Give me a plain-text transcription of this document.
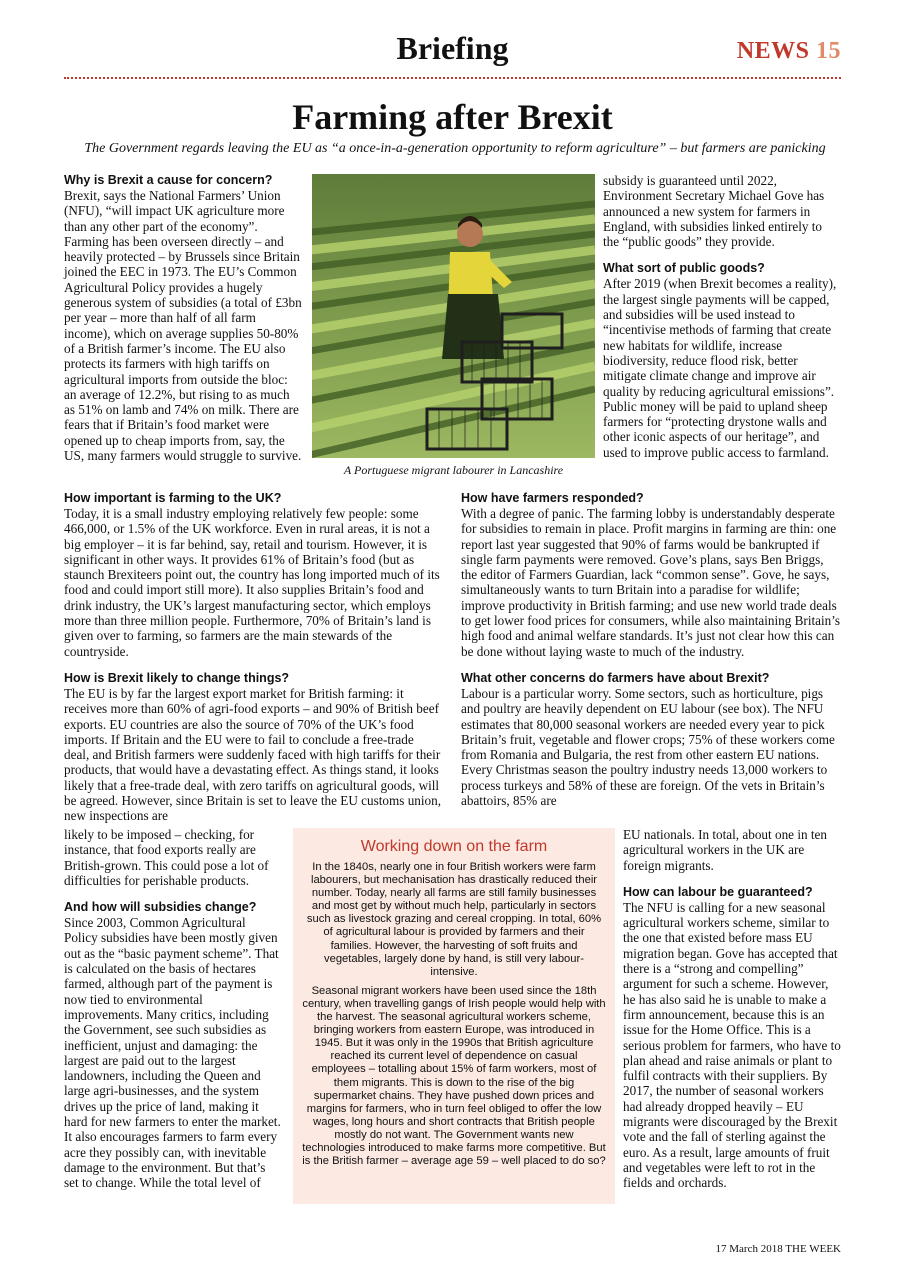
Briefing	NEWS 15
Farming after Brexit
The Government regards leaving the EU as “a once-in-a-generation opportunity to reform agriculture” – but farmers are panicking
Why is Brexit a cause for concern?

Brexit, says the National Farmers’ Union (NFU), “will impact UK agriculture more than any other part of the economy”. Farming has been overseen directly – and heavily protected – by Brussels since Britain joined the EEC in 1973. The EU’s Common Agricultural Policy provides a hugely generous system of subsidies (a total of £3bn per year – more than half of all farm income), which on average supplies 50-80% of a British farmer’s income. The EU also protects its farmers with high tariffs on agricultural imports from outside the bloc: an average of 12.2%, but rising to as much as 51% on lamb and 74% on milk. There are fears that if Britain’s food market were opened up to cheap imports from, say, the US, many farmers would struggle to survive.

A Portuguese migrant labourer in Lancashire

subsidy is guaranteed until 2022, Environment Secretary Michael Gove has announced a new system for farmers in England, with subsidies linked entirely to the “public goods” they provide.

What sort of public goods?

After 2019 (when Brexit becomes a reality), the largest single payments will be capped, and subsidies will be used instead to “incentivise methods of farming that create new habitats for wildlife, increase biodiversity, reduce flood risk, better mitigate climate change and improve air quality by reducing agricultural emissions”. Public money will be paid to upland sheep farmers for “protecting drystone walls and other iconic aspects of our heritage”, and used to improve public access to farmland.

How important is farming to the UK?

Today, it is a small industry employing relatively few people: some 466,000, or 1.5% of the UK workforce. Even in rural areas, it is not a big employer – it is far behind, say, retail and tourism. However, it is significant in other ways. It provides 61% of Britain’s food (but as staunch Brexiteers point out, the country has long imported much of its food and could import still more). It also supplies Britain’s food and drink industry, the UK’s largest manufacturing sector, which employs more than three million people. Furthermore, 70% of Britain’s land is given over to farming, so farmers are the main stewards of the countryside.

How is Brexit likely to change things?

The EU is by far the largest export market for British farming: it receives more than 60% of agri-food exports – and 90% of British beef exports. EU countries are also the source of 70% of the UK’s food imports. If Britain and the EU were to fail to conclude a free-trade deal, and British farmers were suddenly faced with high tariffs for their products, that would have a devastating effect. As things stand, it looks likely that a free-trade deal, with zero tariffs on agricultural goods, will be agreed. However, since Britain is set to leave the EU customs union, new inspections are

likely to be imposed – checking, for instance, that food exports really are British-grown. This could pose a lot of difficulties for perishable products.

And how will subsidies change?

Since 2003, Common Agricultural Policy subsidies have been mostly given out as the “basic payment scheme”. That is calculated on the basis of hectares farmed, although part of the payment is now tied to environmental improvements. Many critics, including the Government, see such subsidies as inefficient, unjust and damaging: the largest are paid out to the largest landowners, including the Queen and large agri-businesses, and the system drives up the price of land, making it hard for new farmers to enter the market. It also encourages farmers to farm every acre they possibly can, with inevitable damage to the environment. But that’s set to change. While the total level of

How have farmers responded?

With a degree of panic. The farming lobby is understandably desperate for subsidies to remain in place. Profit margins in farming are thin: one report last year suggested that 90% of farms would be bankrupted if single farm payments were removed. Gove’s plans, says Ben Briggs, the editor of Farmers Guardian, lack “common sense”. Gove, he says, simultaneously wants to turn Britain into a paradise for wildlife; improve productivity in British farming; and use new world trade deals to get lower food prices for consumers, while also maintaining Britain’s high food and animal welfare standards. It’s just not clear how this can be done without laying waste to much of the industry.

What other concerns do farmers have about Brexit?

Labour is a particular worry. Some sectors, such as horticulture, pigs and poultry are heavily dependent on EU labour (see box). The NFU estimates that 80,000 seasonal workers are needed every year to pick Britain’s fruit, vegetable and flower crops; 75% of these workers come from Romania and Bulgaria, the rest from other eastern EU nations. Every Christmas season the poultry industry needs 13,000 workers to process turkeys and 58% of these are foreign. Of the vets in Britain’s abattoirs, 85% are

EU nationals. In total, about one in ten agricultural workers in the UK are foreign migrants.

How can labour be guaranteed?

The NFU is calling for a new seasonal agricultural workers scheme, similar to the one that existed before mass EU migration began. Gove has accepted that there is a “strong and compelling” argument for such a scheme. However, he has also said he is unable to make a firm announcement, because this is an issue for the Home Office. This is a serious problem for farmers, who have to plan ahead and raise animals or plant to fulfil contracts with their suppliers. By 2017, the number of seasonal workers had already dropped heavily – EU migrants were discouraged by the Brexit vote and the fall of sterling against the euro. As a result, large amounts of fruit and vegetables were left to rot in the fields and orchards.

Working down on the farm

In the 1840s, nearly one in four British workers were farm labourers, but mechanisation has drastically reduced their number. Today, nearly all farms are still family businesses and most get by without much help, particularly in sectors such as livestock grazing and cereal cropping. In total, 60% of agricultural labour is provided by farmers and their families. However, the harvesting of soft fruits and vegetables, largely done by hand, is still very labour-intensive.

Seasonal migrant workers have been used since the 18th century, when travelling gangs of Irish people would help with the harvest. The seasonal agricultural workers scheme, bringing workers from eastern Europe, was introduced in 1945. But it was only in the 1990s that British agriculture reached its current level of dependence on casual employees – totalling about 15% of farm workers, most of them migrants. This is down to the rise of the big supermarket chains. They have pushed down prices and margins for farmers, who in turn feel obliged to offer the low wages, long hours and short contracts that British people mostly do not want. The Government wants new technologies introduced to make farms more competitive. But is the British farmer – average age 59 – well placed to do so?

17 March 2018 THE WEEK
